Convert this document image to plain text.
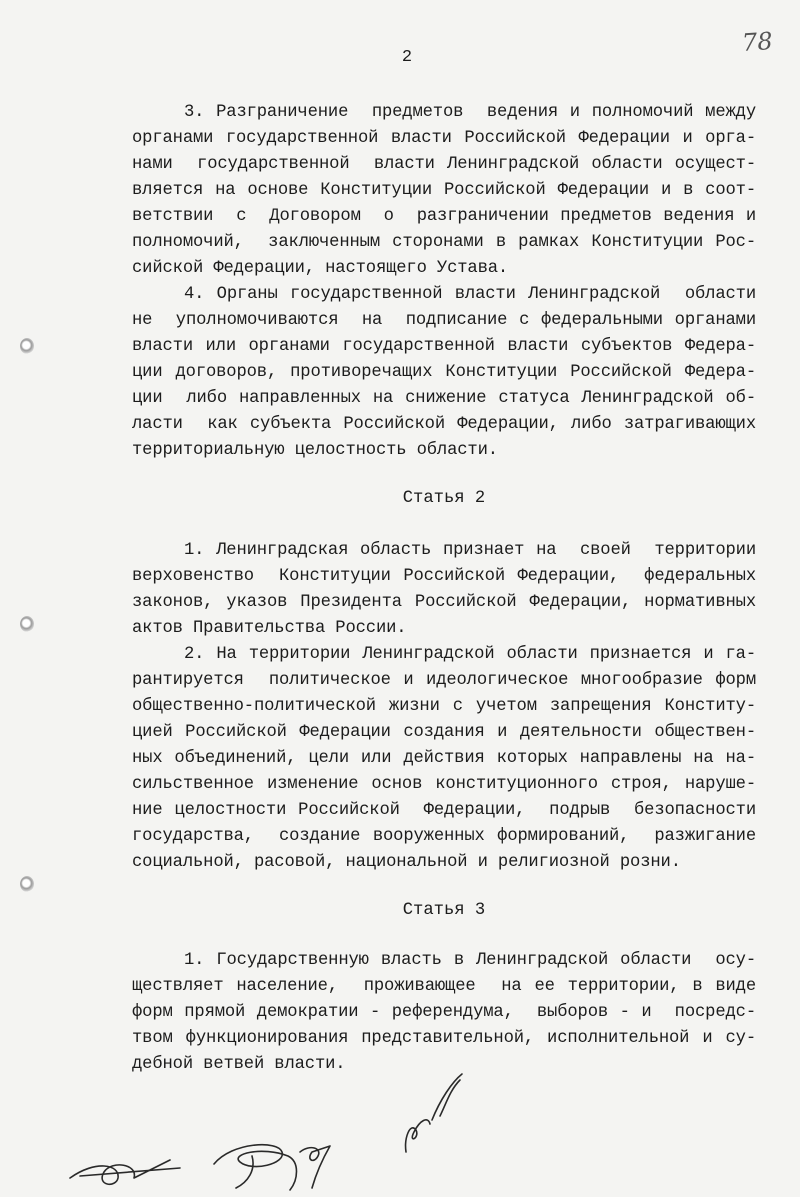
2
78
3. Разграничение  предметов  ведения и полномочий между
органами государственной власти Российской Федерации и орга-
нами  государственной  власти Ленинградской области осущест-
вляется на основе Конституции Российской Федерации и в соот-
ветствии  с  Договором  о  разграничении предметов ведения и
полномочий,  заключенным сторонами в рамках Конституции Рос-
сийской Федерации, настоящего Устава.
4. Органы государственной власти Ленинградской  области
не  уполномочиваются  на  подписание с федеральными органами
власти или органами государственной власти субъектов Федера-
ции договоров, противоречащих Конституции Российской Федера-
ции  либо направленных на снижение статуса Ленинградской об-
ласти  как субъекта Российской Федерации, либо затрагивающих
территориальную целостность области.
Статья 2
1. Ленинградская область признает на  своей  территории
верховенство  Конституции Российской Федерации,  федеральных
законов, указов Президента Российской Федерации, нормативных
актов Правительства России.
2. На территории Ленинградской области признается и га-
рантируется  политическое и идеологическое многообразие форм
общественно-политической жизни с учетом запрещения Конститу-
цией Российской Федерации создания и деятельности обществен-
ных объединений, цели или действия которых направлены на на-
сильственное изменение основ конституционного строя, наруше-
ние целостности Российской  Федерации,  подрыв  безопасности
государства,  создание вооруженных формирований,  разжигание
социальной, расовой, национальной и религиозной розни.
Статья 3
1. Государственную власть в Ленинградской области  осу-
ществляет население,  проживающее  на ее территории, в виде
форм прямой демократии - референдума,  выборов - и  посредс-
твом функционирования представительной, исполнительной и су-
дебной ветвей власти.
